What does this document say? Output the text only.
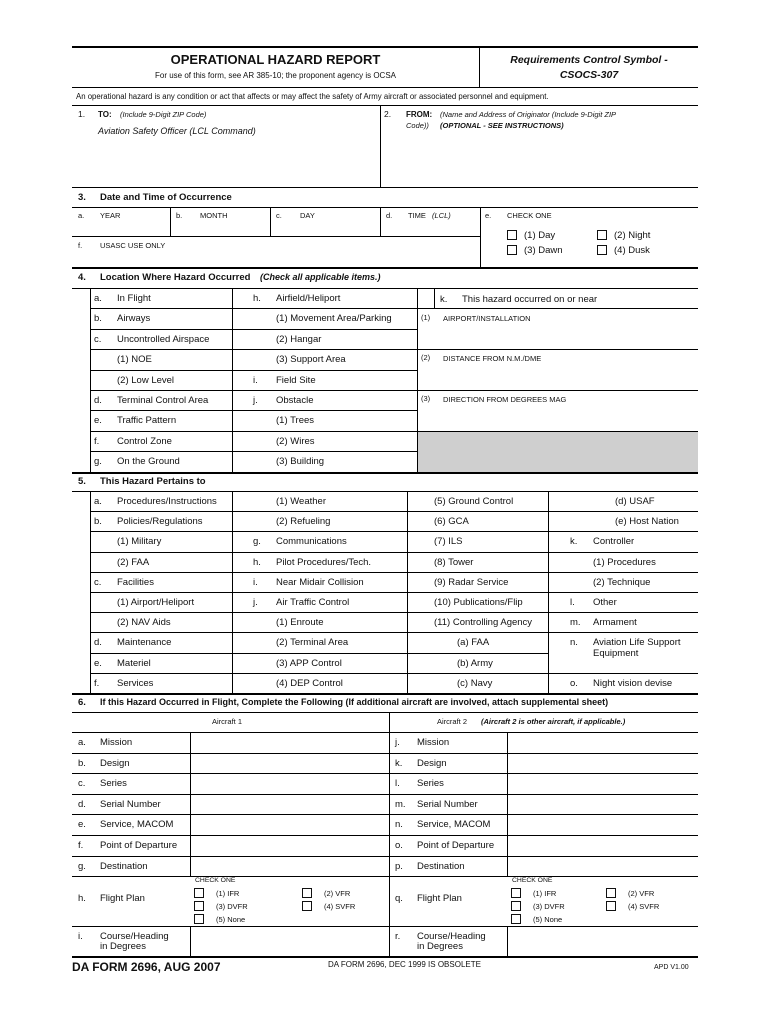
OPERATIONAL HAZARD REPORT
For use of this form, see AR 385-10; the proponent agency is OCSA
Requirements Control Symbol -
CSOCS-307
An operational hazard is any condition or act that affects or may affect the safety of Army aircraft or associated personnel and equipment.
1. TO: (Include 9-Digit ZIP Code)
Aviation Safety Officer (LCL Command)
2. FROM: (Name and Address of Originator (Include 9-Digit ZIP
Code)) (OPTIONAL - SEE INSTRUCTIONS)
3. Date and Time of Occurrence
a. YEAR	b. MONTH	c. DAY	d. TIME (LCL)	e. CHECK ONE
f. USASC USE ONLY
(1) Day	(2) Night
(3) Dawn	(4) Dusk
4. Location Where Hazard Occurred (Check all applicable items.)
k. This hazard occurred on or near
(1) AIRPORT/INSTALLATION
(2) DISTANCE FROM N.M./DME
(3) DIRECTION FROM DEGREES MAG
5. This Hazard Pertains to
6. If this Hazard Occurred in Flight, Complete the Following (If additional aircraft are involved, attach supplemental sheet)
Aircraft 1	Aircraft 2 (Aircraft 2 is other aircraft, if applicable.)
h. Flight Plan
CHECK ONE
(1) IFR	(2) VFR
(3) DVFR	(4) SVFR
(5) None
q. Flight Plan
CHECK ONE
(1) IFR	(2) VFR
(3) DVFR	(4) SVFR
(5) None
i. Course/Heading
in Degrees
r. Course/Heading
in Degrees
DA FORM 2696, AUG 2007	DA FORM 2696, DEC 1999 IS OBSOLETE	APD V1.00
a. In Flight	h. Airfield/Heliport
b. Airways	(1) Movement Area/Parking
c. Uncontrolled Airspace	(2) Hangar
(1) NOE	(3) Support Area
(2) Low Level	i. Field Site
d. Terminal Control Area	j. Obstacle
e. Traffic Pattern	(1) Trees
f. Control Zone	(2) Wires
g. On the Ground	(3) Building
a. Procedures/Instructions	(1) Weather	(5) Ground Control	(d) USAF
b. Policies/Regulations	(2) Refueling	(6) GCA	(e) Host Nation
(1) Military	g. Communications	(7) ILS	k. Controller
(2) FAA	h. Pilot Procedures/Tech.	(8) Tower	(1) Procedures
c. Facilities	i. Near Midair Collision	(9) Radar Service	(2) Technique
(1) Airport/Heliport	j. Air Traffic Control	(10) Publications/Flip	l. Other
(2) NAV Aids	(1) Enroute	(11) Controlling Agency	m. Armament
d. Maintenance	(2) Terminal Area	(a) FAA	n. Aviation Life Support
e. Materiel	(3) APP Control	(b) Army
Equipment
f. Services	(4) DEP Control	(c) Navy	o. Night vision devise
a. Mission	j. Mission
b. Design	k. Design
c. Series	l. Series
d. Serial Number	m. Serial Number
e. Service, MACOM	n. Service, MACOM
f. Point of Departure	o. Point of Departure
g. Destination	p. Destination
